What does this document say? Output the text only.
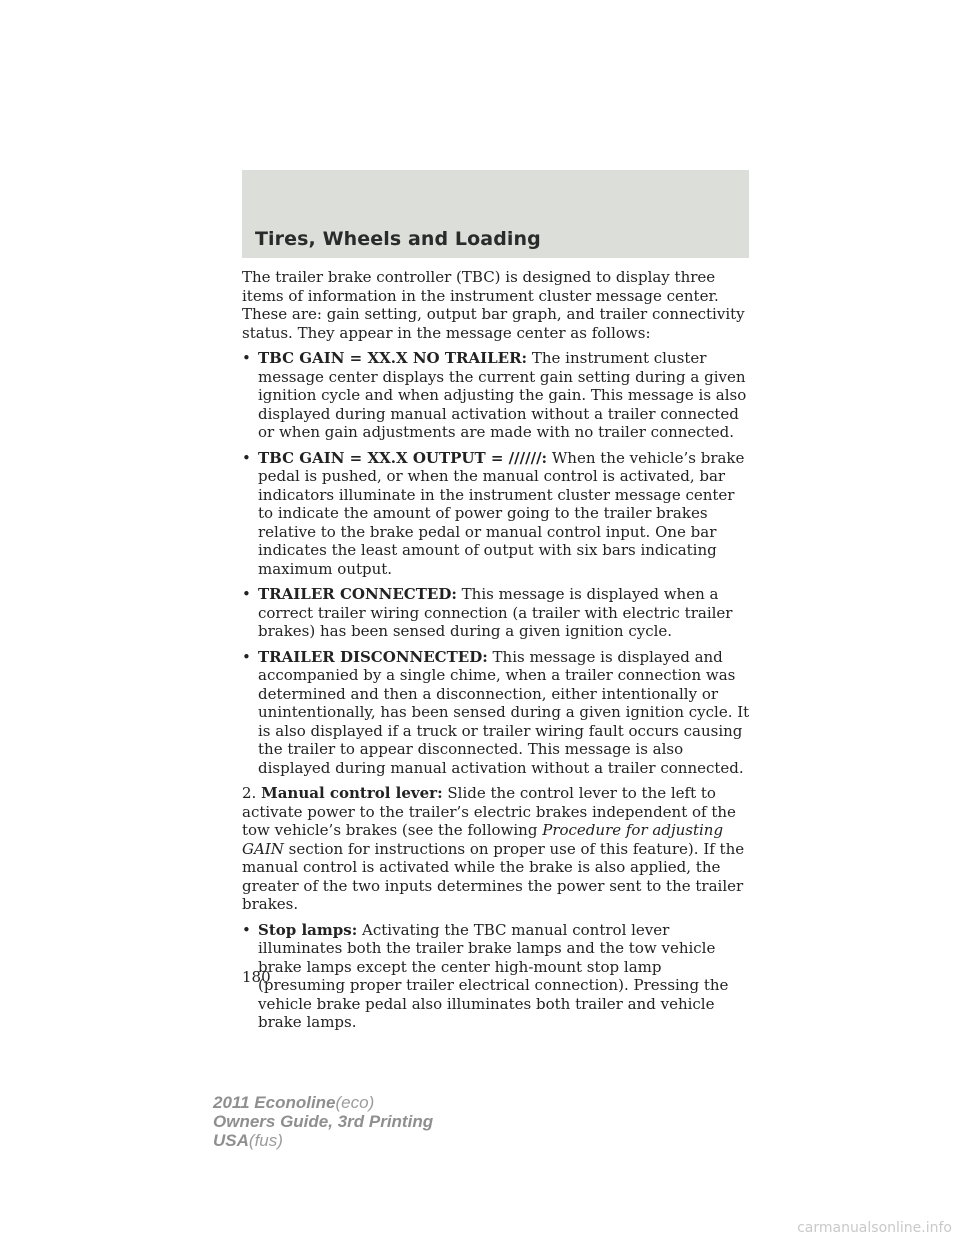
Tires, Wheels and Loading

The trailer brake controller (TBC) is designed to display three items of information in the instrument cluster message center. These are: gain setting, output bar graph, and trailer connectivity status. They appear in the message center as follows:

• TBC GAIN = XX.X NO TRAILER: The instrument cluster message center displays the current gain setting during a given ignition cycle and when adjusting the gain. This message is also displayed during manual activation without a trailer connected or when gain adjustments are made with no trailer connected.
• TBC GAIN = XX.X OUTPUT = //////: When the vehicle’s brake pedal is pushed, or when the manual control is activated, bar indicators illuminate in the instrument cluster message center to indicate the amount of power going to the trailer brakes relative to the brake pedal or manual control input. One bar indicates the least amount of output with six bars indicating maximum output.
• TRAILER CONNECTED: This message is displayed when a correct trailer wiring connection (a trailer with electric trailer brakes) has been sensed during a given ignition cycle.
• TRAILER DISCONNECTED: This message is displayed and accompanied by a single chime, when a trailer connection was determined and then a disconnection, either intentionally or unintentionally, has been sensed during a given ignition cycle. It is also displayed if a truck or trailer wiring fault occurs causing the trailer to appear disconnected. This message is also displayed during manual activation without a trailer connected.

2. Manual control lever: Slide the control lever to the left to activate power to the trailer’s electric brakes independent of the tow vehicle’s brakes (see the following Procedure for adjusting GAIN section for instructions on proper use of this feature). If the manual control is activated while the brake is also applied, the greater of the two inputs determines the power sent to the trailer brakes.

• Stop lamps: Activating the TBC manual control lever illuminates both the trailer brake lamps and the tow vehicle brake lamps except the center high-mount stop lamp (presuming proper trailer electrical connection). Pressing the vehicle brake pedal also illuminates both trailer and vehicle brake lamps.
180
2011 Econoline(eco)
Owners Guide, 3rd Printing
USA(fus)
carmanualsonline.info
